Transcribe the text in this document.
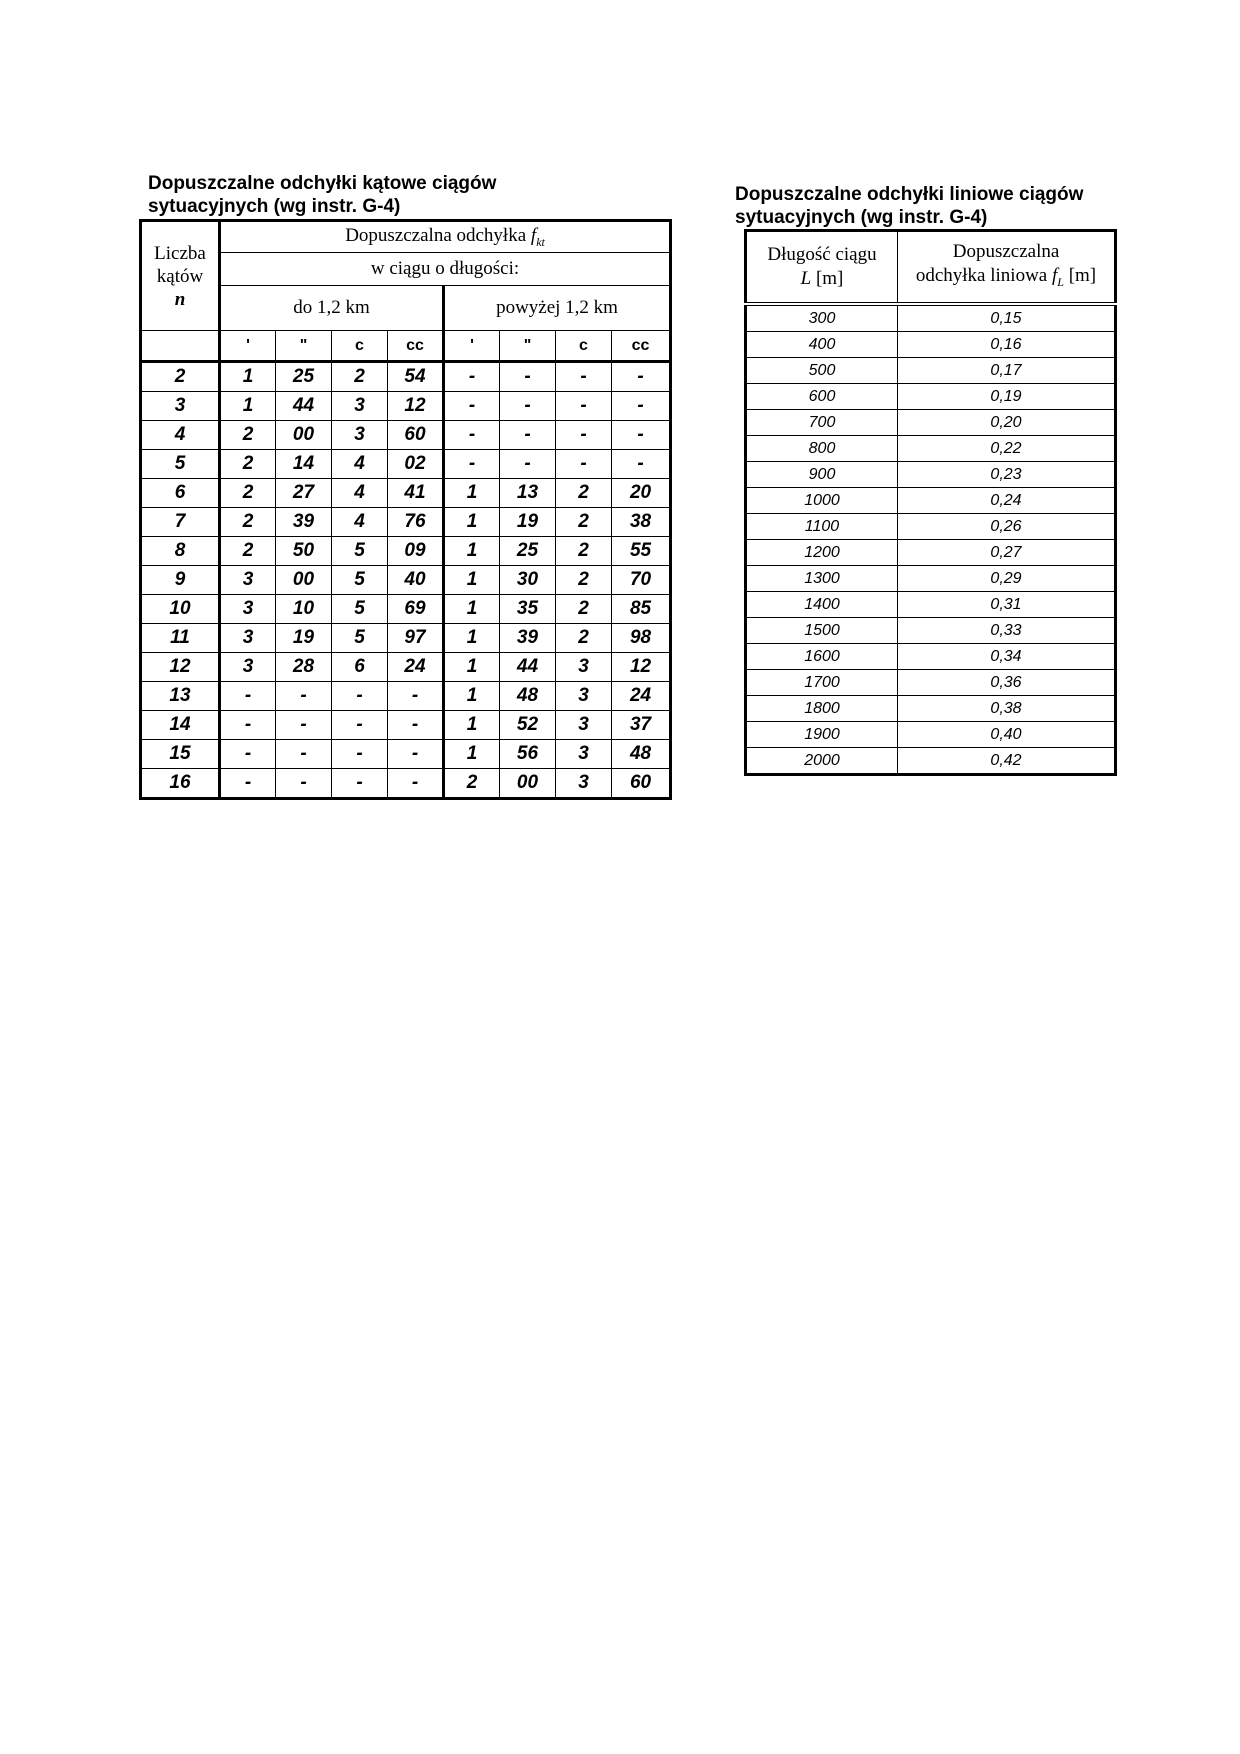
Dopuszczalne odchyłki kątowe ciągów sytuacyjnych (wg instr. G-4)
Liczba
kątów
n	Dopuszczalna odchyłka $f_{kt}$
	w ciągu o długości:							
	do 1,2 km				powyżej 1,2 km			
	'	"	c	cc	'	"	c	cc
2	1	25	2	54	-	-	-	-
3	1	44	3	12	-	-	-	-
4	2	00	3	60	-	-	-	-
5	2	14	4	02	-	-	-	-
6	2	27	4	41	1	13	2	20
7	2	39	4	76	1	19	2	38
8	2	50	5	09	1	25	2	55
9	3	00	5	40	1	30	2	70
10	3	10	5	69	1	35	2	85
11	3	19	5	97	1	39	2	98
12	3	28	6	24	1	44	3	12
13	-	-	-	-	1	48	3	24
14	-	-	-	-	1	52	3	37
15	-	-	-	-	1	56	3	48
16	-	-	-	-	2	00	3	60
Dopuszczalne odchyłki liniowe ciągów sytuacyjnych (wg instr. G-4)
Długość ciągu
L [m]	Dopuszczalna
odchyłka liniowa $f_L$ [m]
300	0,15
400	0,16
500	0,17
600	0,19
700	0,20
800	0,22
900	0,23
1000	0,24
1100	0,26
1200	0,27
1300	0,29
1400	0,31
1500	0,33
1600	0,34
1700	0,36
1800	0,38
1900	0,40
2000	0,42
